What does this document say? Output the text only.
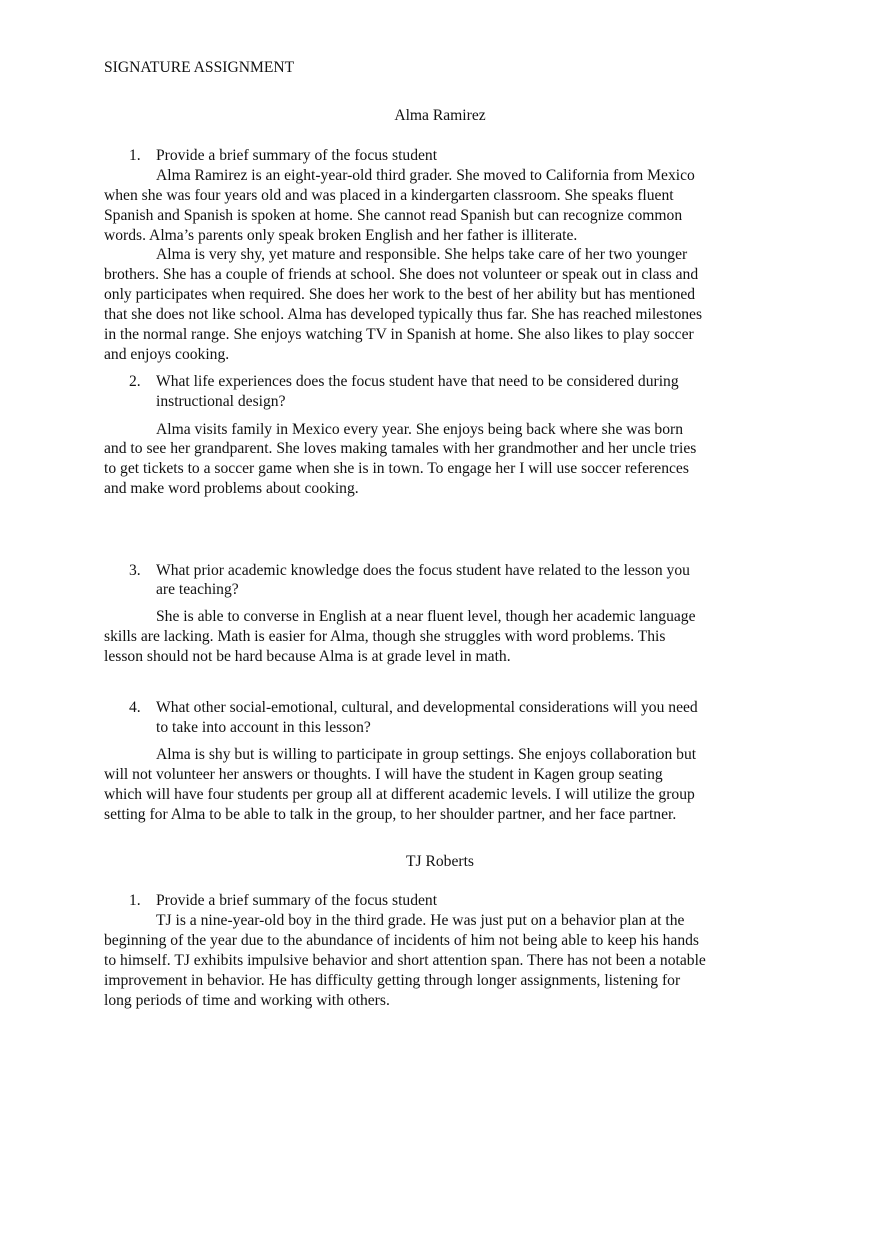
SIGNATURE ASSIGNMENT
Alma Ramirez
1. Provide a brief summary of the focus student
Alma Ramirez is an eight-year-old third grader. She moved to California from Mexico
when she was four years old and was placed in a kindergarten classroom. She speaks fluent
Spanish and Spanish is spoken at home. She cannot read Spanish but can recognize common
words. Alma’s parents only speak broken English and her father is illiterate.
Alma is very shy, yet mature and responsible. She helps take care of her two younger
brothers. She has a couple of friends at school. She does not volunteer or speak out in class and
only participates when required. She does her work to the best of her ability but has mentioned
that she does not like school. Alma has developed typically thus far. She has reached milestones
in the normal range. She enjoys watching TV in Spanish at home. She also likes to play soccer
and enjoys cooking.
2. What life experiences does the focus student have that need to be considered during
instructional design?
Alma visits family in Mexico every year. She enjoys being back where she was born
and to see her grandparent. She loves making tamales with her grandmother and her uncle tries
to get tickets to a soccer game when she is in town. To engage her I will use soccer references
and make word problems about cooking.
3. What prior academic knowledge does the focus student have related to the lesson you
are teaching?
She is able to converse in English at a near fluent level, though her academic language
skills are lacking. Math is easier for Alma, though she struggles with word problems. This
lesson should not be hard because Alma is at grade level in math.
4. What other social-emotional, cultural, and developmental considerations will you need
to take into account in this lesson?
Alma is shy but is willing to participate in group settings. She enjoys collaboration but
will not volunteer her answers or thoughts. I will have the student in Kagen group seating
which will have four students per group all at different academic levels. I will utilize the group
setting for Alma to be able to talk in the group, to her shoulder partner, and her face partner.
TJ Roberts
1. Provide a brief summary of the focus student
TJ is a nine-year-old boy in the third grade. He was just put on a behavior plan at the
beginning of the year due to the abundance of incidents of him not being able to keep his hands
to himself. TJ exhibits impulsive behavior and short attention span. There has not been a notable
improvement in behavior. He has difficulty getting through longer assignments, listening for
long periods of time and working with others.
